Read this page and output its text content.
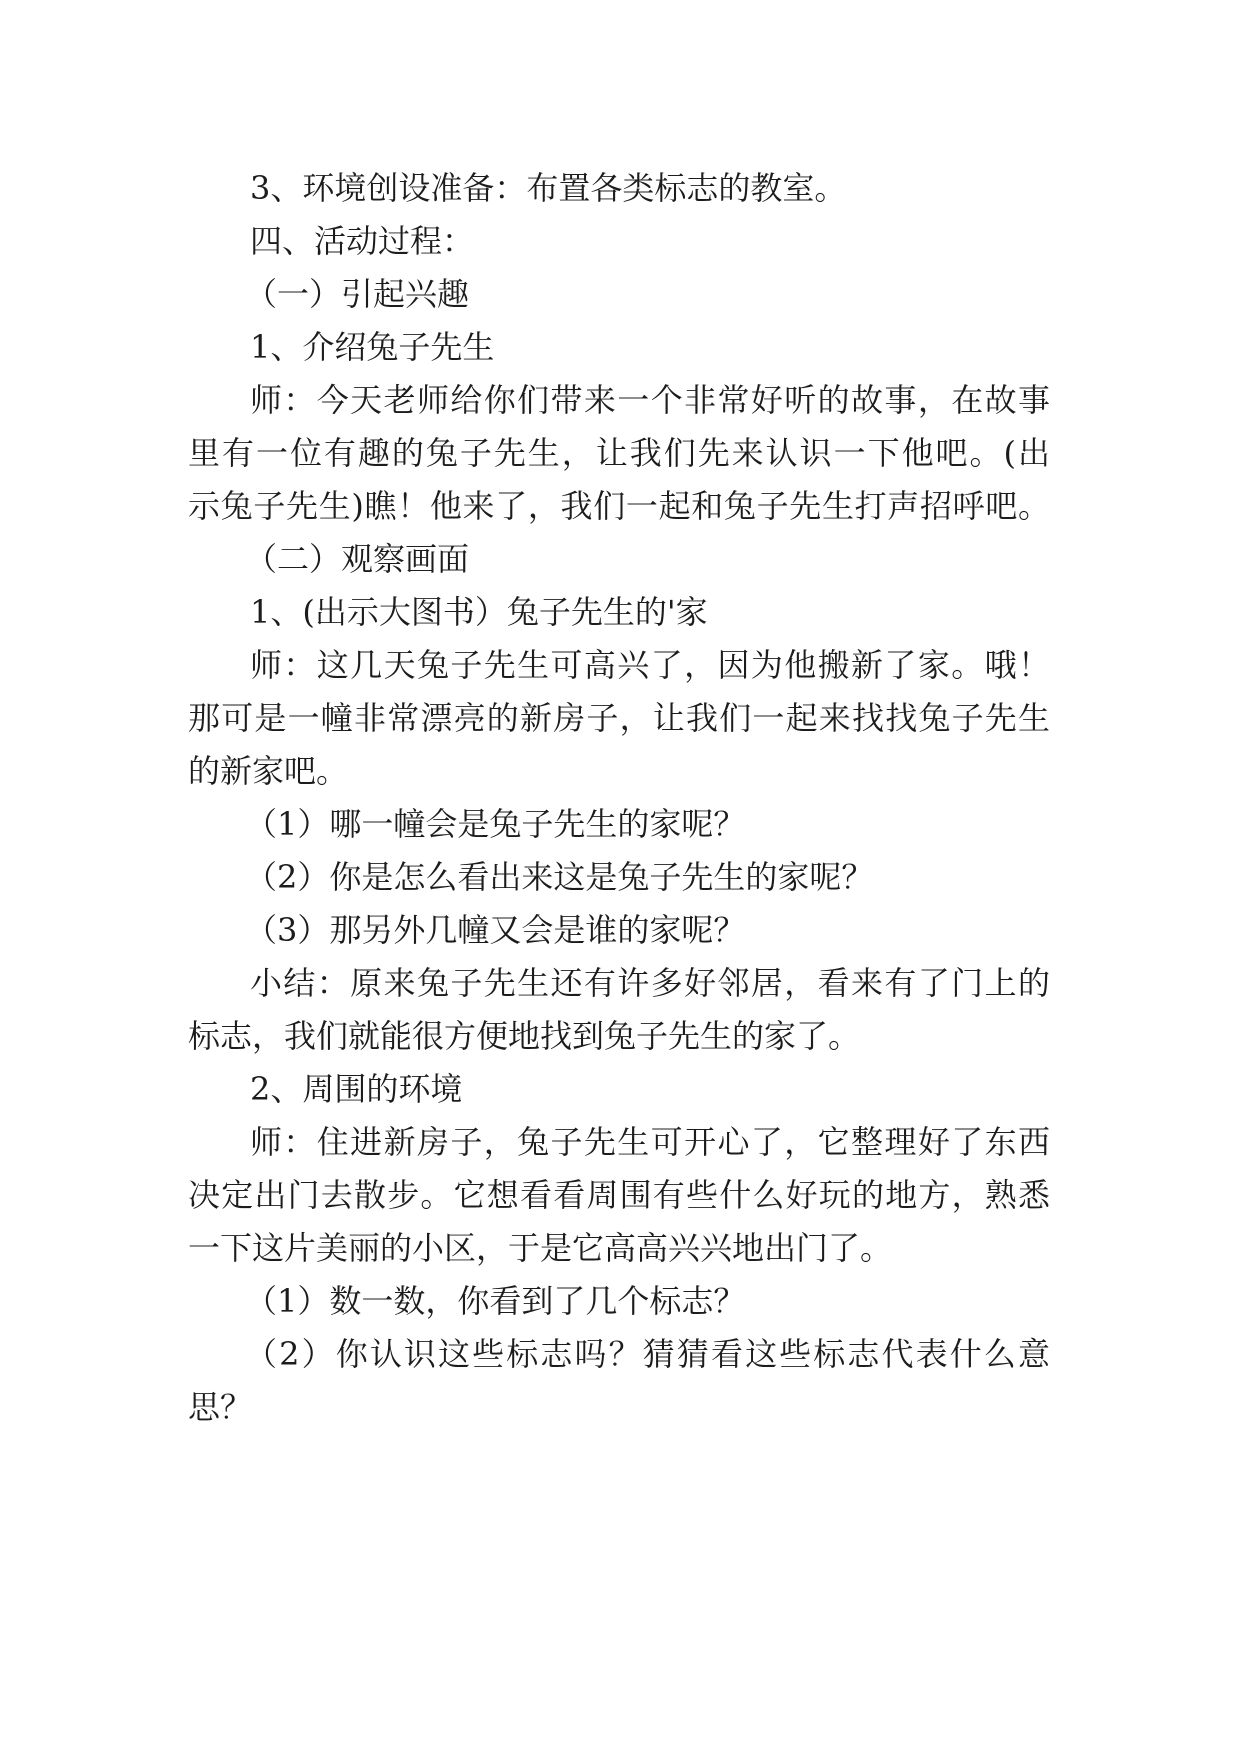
3、环境创设准备：布置各类标志的教室。

四、活动过程：

（一）引起兴趣

1、介绍兔子先生

师：今天老师给你们带来一个非常好听的故事，在故事

里有一位有趣的兔子先生，让我们先来认识一下他吧。(出

示兔子先生)瞧！他来了，我们一起和兔子先生打声招呼吧。

（二）观察画面

1、(出示大图书）兔子先生的'家

师：这几天兔子先生可高兴了，因为他搬新了家。哦！

那可是一幢非常漂亮的新房子，让我们一起来找找兔子先生

的新家吧。

（1）哪一幢会是兔子先生的家呢？

（2）你是怎么看出来这是兔子先生的家呢？

（3）那另外几幢又会是谁的家呢？

小结：原来兔子先生还有许多好邻居，看来有了门上的

标志，我们就能很方便地找到兔子先生的家了。

2、周围的环境

师：住进新房子，兔子先生可开心了，它整理好了东西

决定出门去散步。它想看看周围有些什么好玩的地方，熟悉

一下这片美丽的小区，于是它高高兴兴地出门了。

（1）数一数，你看到了几个标志？

（2）你认识这些标志吗？猜猜看这些标志代表什么意

思？
